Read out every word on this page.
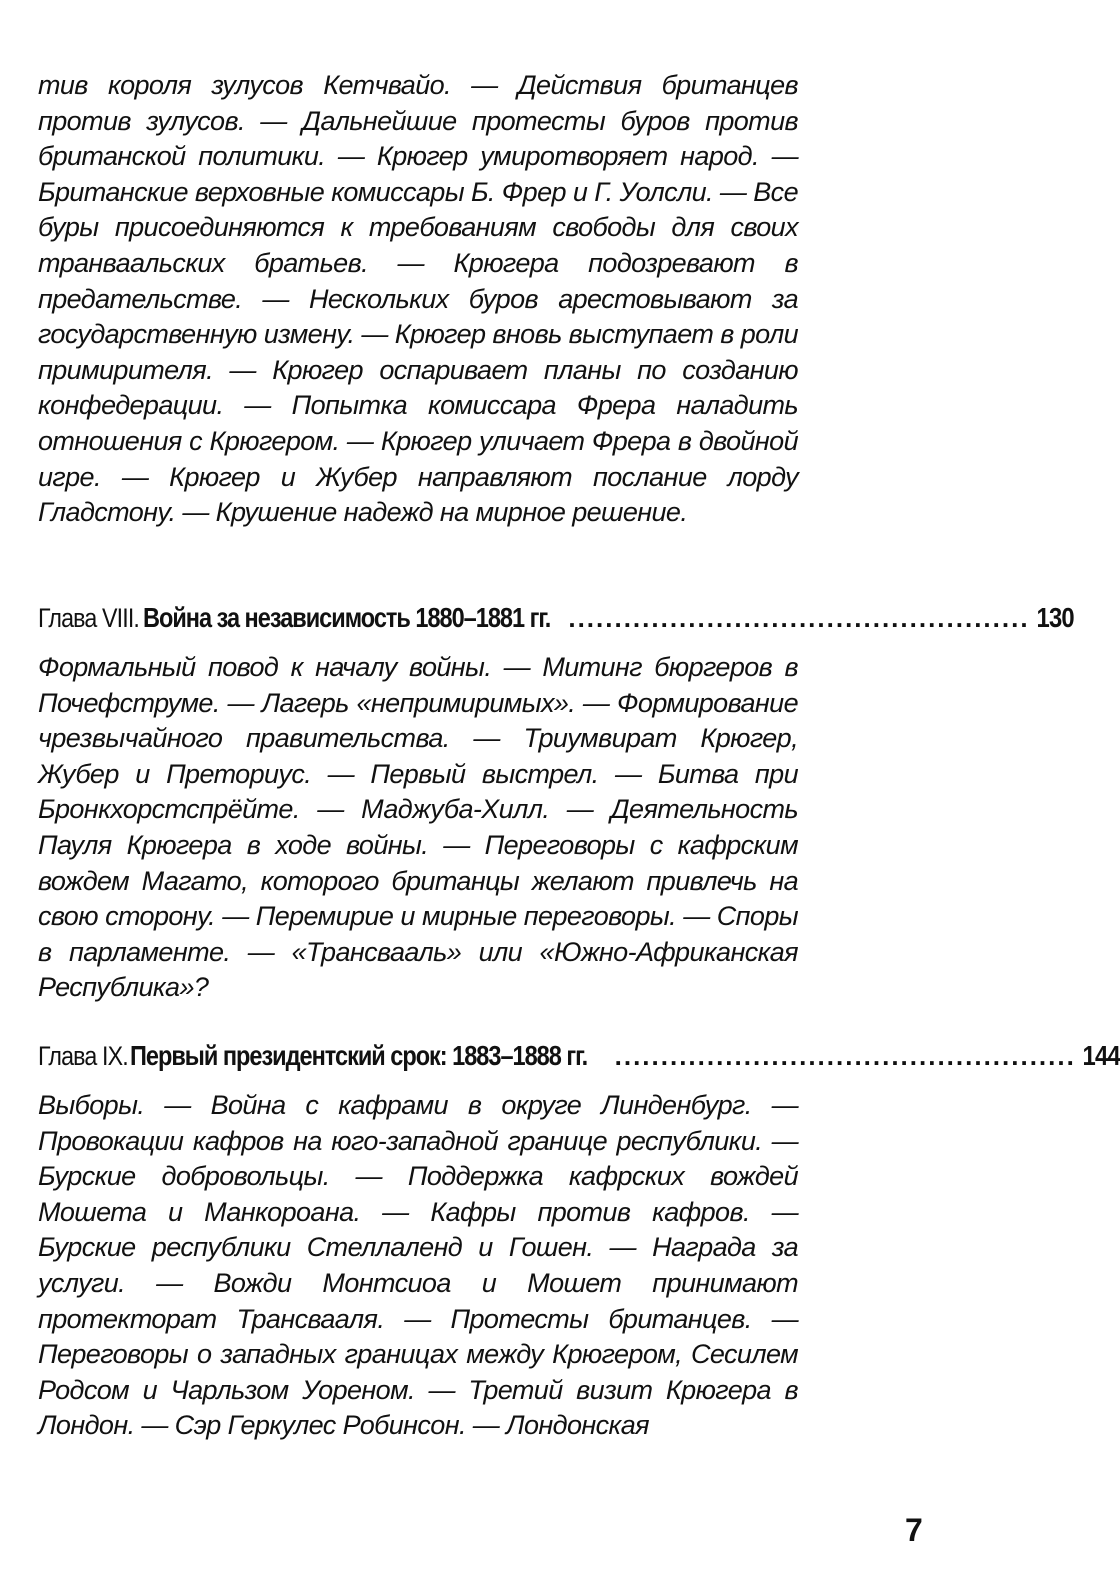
тив короля зулусов Кетчвайо. — Действия британцев против зулусов. — Дальнейшие протесты буров против британской политики. — Крюгер умиротворяет народ. — Британские верховные комиссары Б. Фрер и Г. Уолсли. — Все буры присоединяются к требованиям свободы для своих транваальских братьев. — Крюгера подозревают в предательстве. — Нескольких буров арестовывают за государственную измену. — Крюгер вновь выступает в роли примирителя. — Крюгер оспаривает планы по созданию конфедерации. — Попытка комиссара Фрера наладить отношения с Крюгером. — Крюгер уличает Фрера в двойной игре. — Крюгер и Жубер направляют послание лорду Гладстону. — Крушение надежд на мирное решение.

Глава VIII. Война за независимость 1880–1881 гг. .................................................. 130

Формальный повод к началу войны. — Митинг бюргеров в Почефструме. — Лагерь «непримиримых». — Формирование чрезвычайного правительства. — Триумвират Крюгер, Жубер и Преториус. — Первый выстрел. — Битва при Бронкхорстспрёйте. — Маджуба-Хилл. — Деятельность Пауля Крюгера в ходе войны. — Переговоры с кафрским вождем Магато, которого британцы желают привлечь на свою сторону. — Перемирие и мирные переговоры. — Споры в парламенте. — «Трансвааль» или «Южно-Африканская Республика»?

Глава IX. Первый президентский срок: 1883–1888 гг. .................................................. 144

Выборы. — Война с кафрами в округе Линденбург. — Провокации кафров на юго-западной границе республики. — Бурские добровольцы. — Поддержка кафрских вождей Мошета и Манкороана. — Кафры против кафров. — Бурские республики Стеллаленд и Гошен. — Награда за услуги. — Вожди Монтсиоа и Мошет принимают протекторат Трансвааля. — Протесты британцев. — Переговоры о западных границах между Крюгером, Сесилем Родсом и Чарльзом Уореном. — Третий визит Крюгера в Лондон. — Сэр Геркулес Робинсон. — Лондонская

7
